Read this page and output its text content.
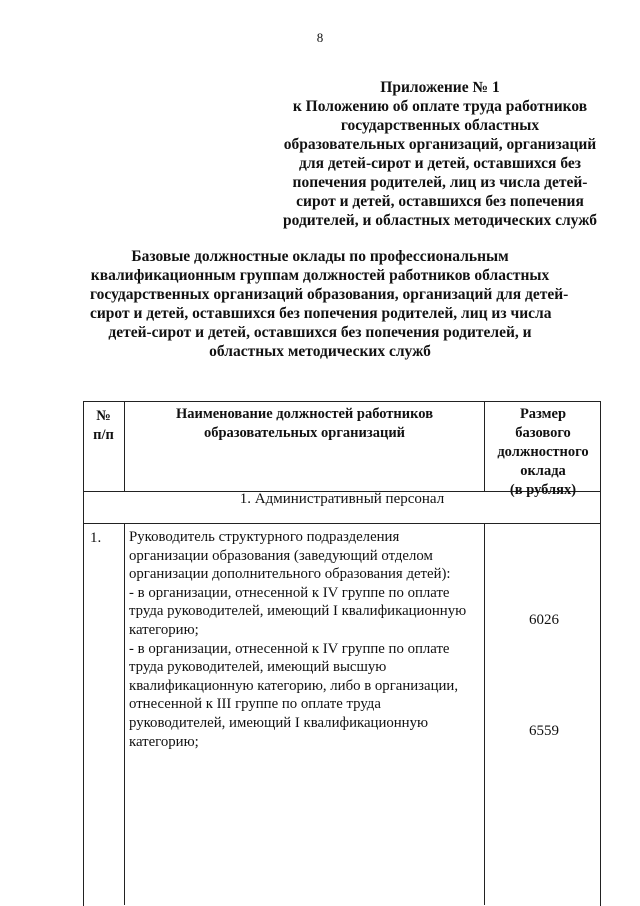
8
Приложение № 1
к Положению об оплате труда работников
государственных областных
образовательных организаций, организаций
для детей-сирот и детей, оставшихся без
попечения родителей, лиц из числа детей-
сирот и детей, оставшихся без попечения
родителей, и областных методических служб
Базовые должностные оклады по профессиональным
квалификационным группам должностей работников областных
государственных организаций образования, организаций для детей-
сирот и детей, оставшихся без попечения родителей, лиц из числа
детей-сирот и детей, оставшихся без попечения родителей, и
областных методических служб
№
п/п
Наименование должностей работников
образовательных организаций
Размер
базового
должностного
оклада
(в рублях)
1. Административный персонал
1. Руководитель структурного подразделения
организации образования (заведующий отделом
организации дополнительного образования детей):
- в организации, отнесенной к IV группе по оплате
труда руководителей, имеющий I квалификационную
категорию;
- в организации, отнесенной к IV группе по оплате
труда руководителей, имеющий высшую
квалификационную категорию, либо в организации,
отнесенной к III группе по оплате труда
руководителей, имеющий I квалификационную
категорию;
6026
6559
